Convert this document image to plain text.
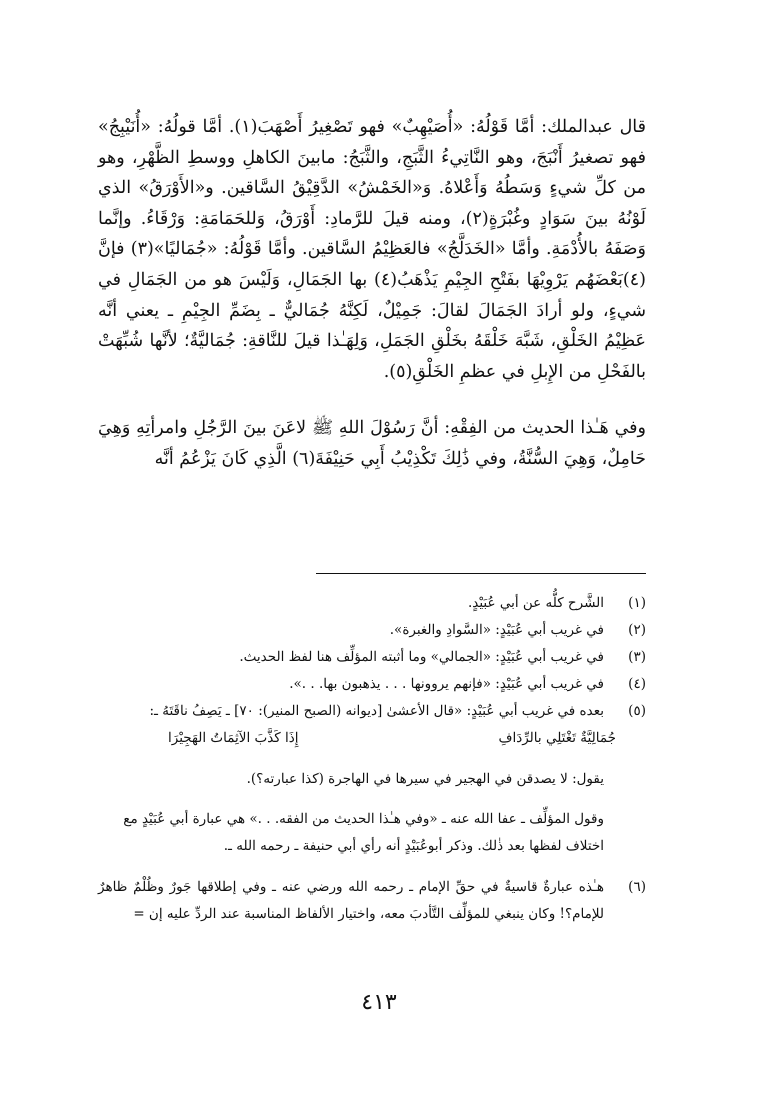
قال عبدالملك: أمَّا قَوْلُهُ: «أُصَيْهِبٌ» فهو تَصْغِيرُ أَصْهَبَ(١). أمَّا قولُهُ: «أُنَيْبِجُ» فهو تصغيرُ أَنْبَجَ، وهو النَّاتِيءُ الثَّبَجِ، والثَّبَجُ: مابينَ الكاهلِ ووسطِ الظَّهْرِ، وهو من كلِّ شيءٍ وَسَطُهُ وَأَعْلاهُ. وَ«الخَمْشُ» الدَّقِيْقُ السَّاقين. و«الأَوْرَقُ» الذي لَوْنُهُ بينَ سَوَادٍ وغُبْرَةٍ(٢)، ومنه قيلَ للرَّمادِ: أَوْرَقُ، وَللحَمَامَةِ: وَرْقَاءُ. وإنَّما وَصَفَهُ بالأُدْمَةِ. وأمَّا «الخَدَلَّجُ» فالعَظِيْمُ السَّاقين. وأمَّا قَوْلُهُ: «جُمَاليًا»(٣) فإنَّ (٤)بَعْضَهُم يَرْوِيْهَا بفَتْحِ الجِيْمِ يَذْهَبُ(٤) بها الجَمَالِ، وَلَيْسَ هو من الجَمَالِ في شيءٍ، ولو أرادَ الجَمَالَ لقالَ: جَمِيْلٌ، لَكِنَّهُ جُمَاليٌّ ـ بِضَمِّ الجِيْمِ ـ يعني أنَّه عَظِيْمُ الخَلْقِ، شَبَّهَ خَلْقَهُ بخَلْقِ الجَمَلِ، وَلِهَـٰذا قيلَ للنَّاقةِ: جُمَاليَّةٌ؛ لأنَّها شُبِّهَتْ بالفَحْلِ من الإِبلِ في عظمِ الخَلْقِ(٥).

وفي هَـٰذا الحديث من الفِقْهِ: أنَّ رَسُوْلَ اللهِ ﷺ لاعَنَ بينَ الرَّجُلِ وامرأتِهِ وَهِيَ حَامِلٌ، وَهِيَ السُّنَّةُ، وفي ذَٰلِكَ تَكْذِيْبُ أَبِي حَنِيْفَةَ(٦) الَّذِي كَانَ يَزْعُمُ أنَّه

(١)

الشَّرح كلُّه عن أبي عُبَيْدٍ.

(٢)

في غريب أبي عُبَيْدٍ: «السَّوادِ والغبرة».

(٣)

في غريب أبي عُبَيْدٍ: «الجمالي» وما أثبته المؤلِّف هنا لفظ الحديث.

(٤)

في غريب أبي عُبَيْدٍ: «فإنهم يروونها . . . يذهبون بها. . .».

(٥)

بعده في غريب أبي عُبَيْدٍ: «قال الأعشىٰ [ديوانه (الصبح المنير): ٧٠] ـ يَصِفُ ناقَتَهُ ـ:

جُمَالِيَّةٌ تَغْتَلِي بالرِّدَافِ
إِذَا كَذَّبَ الآثِمَاتُ الهَجِيْرَا

يقول: لا يصدقن في الهجير في سيرها في الهاجرة (كذا عبارته؟).

وقول المؤلِّف ـ عفا الله عنه ـ «وفي هـٰذا الحديث من الفقه. . .» هي عبارة أبي عُبَيْدٍ مع اختلاف لفظها بعد ذٰلك. وذكر أبوعُبَيْدٍ أنه رأي أبي حنيفة ـ رحمه الله ـ.

(٦)

هـٰذه عبارةٌ قاسيةٌ في حقِّ الإمام ـ رحمه الله ورضي عنه ـ وفي إطلاقها جَورٌ وظُلْمٌ ظاهرٌ للإمام؟! وكان ينبغي للمؤلِّف التَّأدبَ معه، واختيار الألفاظ المناسبة عند الردِّ عليه إن =

٤١٣
